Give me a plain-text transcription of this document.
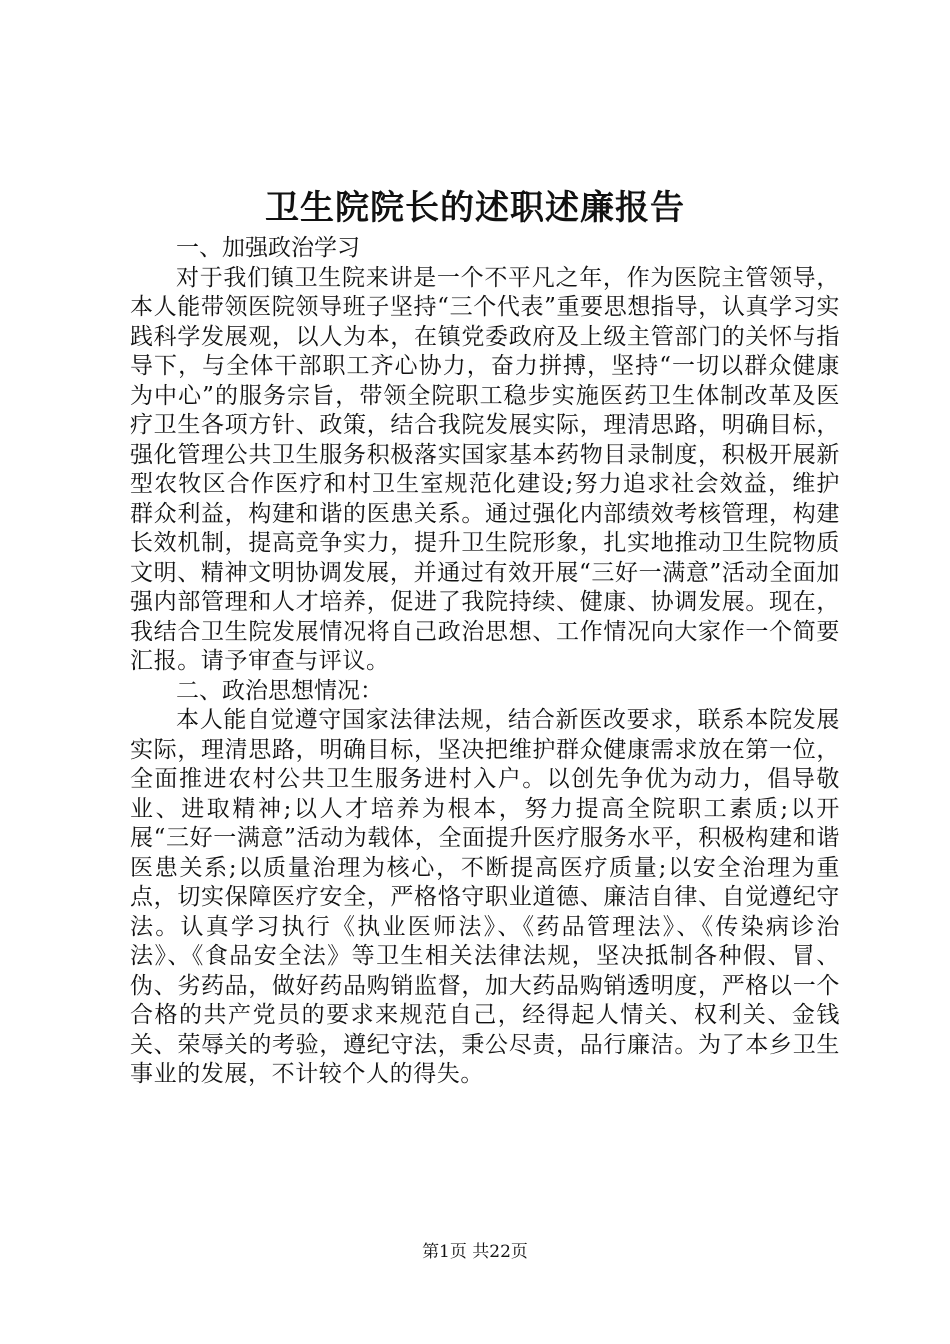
卫生院院长的述职述廉报告

一、加强政治学习

对于我们镇卫生院来讲是一个不平凡之年，作为医院主管领导，本人能带领医院领导班子坚持“三个代表”重要思想指导，认真学习实践科学发展观，以人为本，在镇党委政府及上级主管部门的关怀与指导下，与全体干部职工齐心协力，奋力拼搏，坚持“一切以群众健康为中心”的服务宗旨，带领全院职工稳步实施医药卫生体制改革及医疗卫生各项方针、政策，结合我院发展实际，理清思路，明确目标，强化管理公共卫生服务积极落实国家基本药物目录制度，积极开展新型农牧区合作医疗和村卫生室规范化建设;努力追求社会效益，维护群众利益，构建和谐的医患关系。通过强化内部绩效考核管理，构建长效机制，提高竞争实力，提升卫生院形象，扎实地推动卫生院物质文明、精神文明协调发展，并通过有效开展“三好一满意”活动全面加强内部管理和人才培养，促进了我院持续、健康、协调发展。现在，我结合卫生院发展情况将自己政治思想、工作情况向大家作一个简要汇报。请予审查与评议。

二、政治思想情况：

本人能自觉遵守国家法律法规，结合新医改要求，联系本院发展实际，理清思路，明确目标，坚决把维护群众健康需求放在第一位，全面推进农村公共卫生服务进村入户。以创先争优为动力，倡导敬业、进取精神;以人才培养为根本，努力提高全院职工素质;以开展“三好一满意”活动为载体，全面提升医疗服务水平，积极构建和谐医患关系;以质量治理为核心，不断提高医疗质量;以安全治理为重点，切实保障医疗安全，严格恪守职业道德、廉洁自律、自觉遵纪守法。认真学习执行《执业医师法》、《药品管理法》、《传染病诊治法》、《食品安全法》等卫生相关法律法规，坚决抵制各种假、冒、伪、劣药品，做好药品购销监督，加大药品购销透明度，严格以一个合格的共产党员的要求来规范自己，经得起人情关、权利关、金钱关、荣辱关的考验，遵纪守法，秉公尽责，品行廉洁。为了本乡卫生事业的发展，不计较个人的得失。

第1页 共22页
